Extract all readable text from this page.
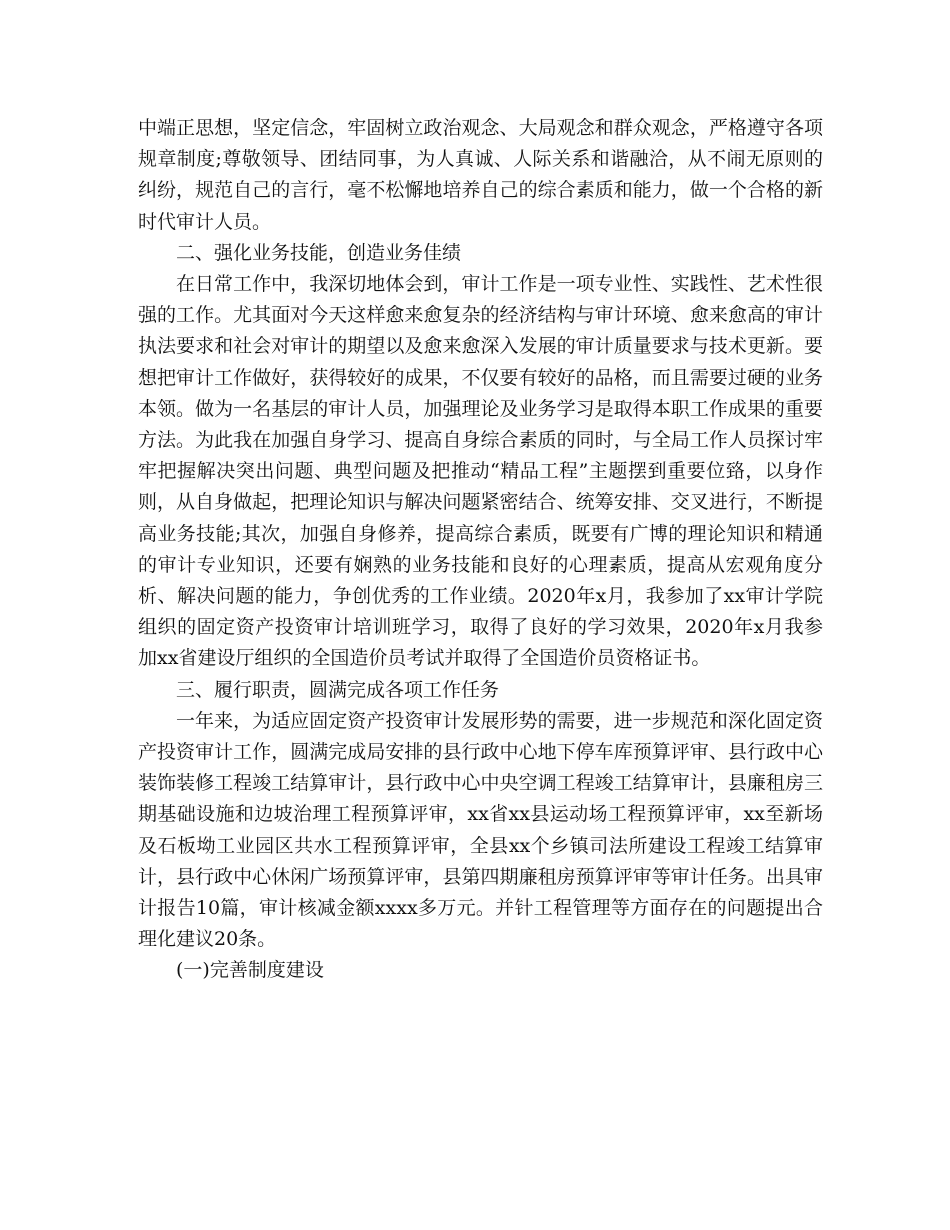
中端正思想，坚定信念，牢固树立政治观念、大局观念和群众观念，严格遵守各项规章制度;尊敬领导、团结同事，为人真诚、人际关系和谐融洽，从不闹无原则的纠纷，规范自己的言行，毫不松懈地培养自己的综合素质和能力，做一个合格的新时代审计人员。

二、强化业务技能，创造业务佳绩

在日常工作中，我深切地体会到，审计工作是一项专业性、实践性、艺术性很强的工作。尤其面对今天这样愈来愈复杂的经济结构与审计环境、愈来愈高的审计执法要求和社会对审计的期望以及愈来愈深入发展的审计质量要求与技术更新。要想把审计工作做好，获得较好的成果，不仅要有较好的品格，而且需要过硬的业务本领。做为一名基层的审计人员，加强理论及业务学习是取得本职工作成果的重要方法。为此我在加强自身学习、提高自身综合素质的同时，与全局工作人员探讨牢牢把握解决突出问题、典型问题及把推动“精品工程”主题摆到重要位臵，以身作则，从自身做起，把理论知识与解决问题紧密结合、统筹安排、交叉进行，不断提高业务技能;其次，加强自身修养，提高综合素质，既要有广博的理论知识和精通的审计专业知识，还要有娴熟的业务技能和良好的心理素质，提高从宏观角度分析、解决问题的能力，争创优秀的工作业绩。2020年x月，我参加了xx审计学院组织的固定资产投资审计培训班学习，取得了良好的学习效果，2020年x月我参加xx省建设厅组织的全国造价员考试并取得了全国造价员资格证书。

三、履行职责，圆满完成各项工作任务

一年来，为适应固定资产投资审计发展形势的需要，进一步规范和深化固定资产投资审计工作，圆满完成局安排的县行政中心地下停车库预算评审、县行政中心装饰装修工程竣工结算审计，县行政中心中央空调工程竣工结算审计，县廉租房三期基础设施和边坡治理工程预算评审，xx省xx县运动场工程预算评审，xx至新场及石板坳工业园区共水工程预算评审，全县xx个乡镇司法所建设工程竣工结算审计，县行政中心休闲广场预算评审，县第四期廉租房预算评审等审计任务。出具审计报告10篇，审计核减金额xxxx多万元。并针工程管理等方面存在的问题提出合理化建议20条。

(一)完善制度建设
